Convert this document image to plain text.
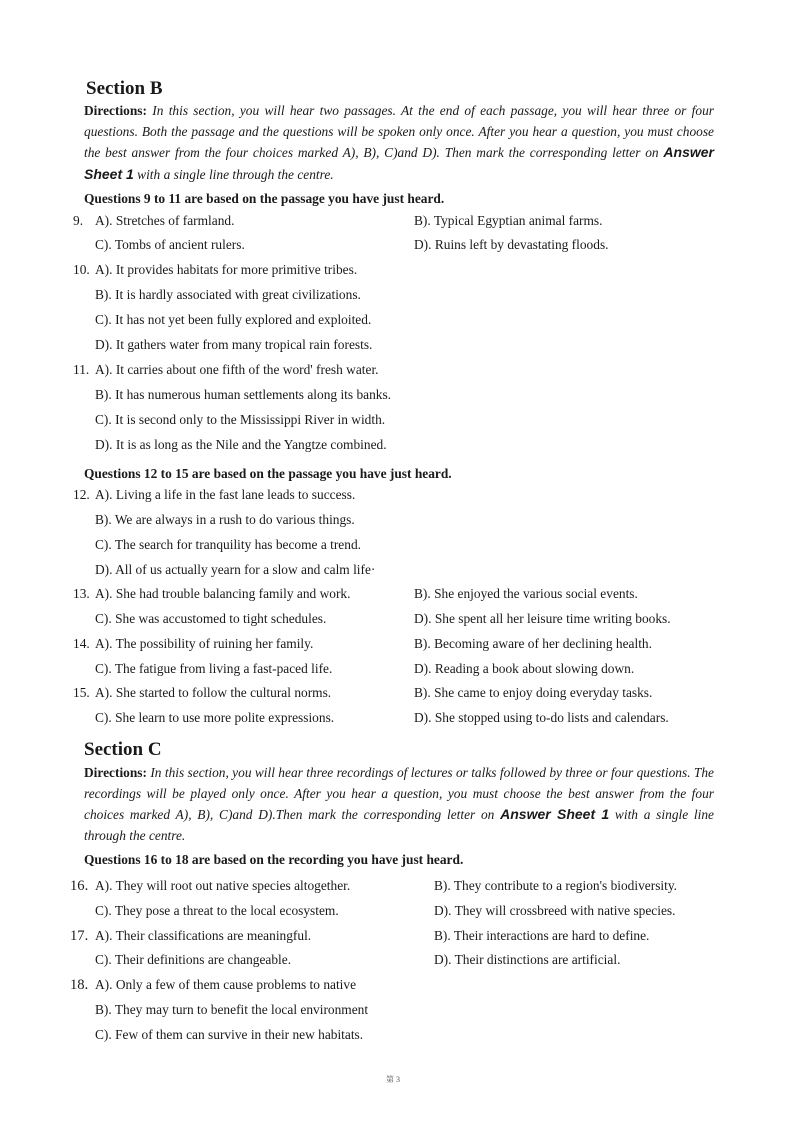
Section B

Directions: In this section, you will hear two passages. At the end of each passage, you will hear three or four questions. Both the passage and the questions will be spoken only once. After you hear a question, you must choose the best answer from the four choices marked A), B), C)and D). Then mark the corresponding letter on Answer Sheet 1 with a single line through the centre.

Questions 9 to 11 are based on the passage you have just heard.

9. A). Stretches of farmland.	B). Typical Egyptian animal farms.
C). Tombs of ancient rulers.	D). Ruins left by devastating floods.
10. A). It provides habitats for more primitive tribes.
B). It is hardly associated with great civilizations.
C). It has not yet been fully explored and exploited.
D). It gathers water from many tropical rain forests.
11. A). It carries about one fifth of the word' fresh water.
B). It has numerous human settlements along its banks.
C). It is second only to the Mississippi River in width.
D). It is as long as the Nile and the Yangtze combined.

Questions 12 to 15 are based on the passage you have just heard.

12. A). Living a life in the fast lane leads to success.
B). We are always in a rush to do various things.
C). The search for tranquility has become a trend.
D). All of us actually yearn for a slow and calm life·
13. A). She had trouble balancing family and work.	B). She enjoyed the various social events.
C). She was accustomed to tight schedules.	D). She spent all her leisure time writing books.
14. A). The possibility of ruining her family.	B). Becoming aware of her declining health.
C). The fatigue from living a fast-paced life.	D). Reading a book about slowing down.
15. A). She started to follow the cultural norms.	B). She came to enjoy doing everyday tasks.
C). She learn to use more polite expressions.	D). She stopped using to-do lists and calendars.
Section C

Directions: In this section, you will hear three recordings of lectures or talks followed by three or four questions. The recordings will be played only once. After you hear a question, you must choose the best answer from the four choices marked A), B), C)and D).Then mark the corresponding letter on Answer Sheet 1 with a single line through the centre.

Questions 16 to 18 are based on the recording you have just heard.

16. A). They will root out native species altogether.	B). They contribute to a region's biodiversity.
C). They pose a threat to the local ecosystem.	D). They will crossbreed with native species.
17. A). Their classifications are meaningful.	B). Their interactions are hard to define.
C). Their definitions are changeable.	D). Their distinctions are artificial.
18. A). Only a few of them cause problems to native
B). They may turn to benefit the local environment
C). Few of them can survive in their new habitats.
第 3
